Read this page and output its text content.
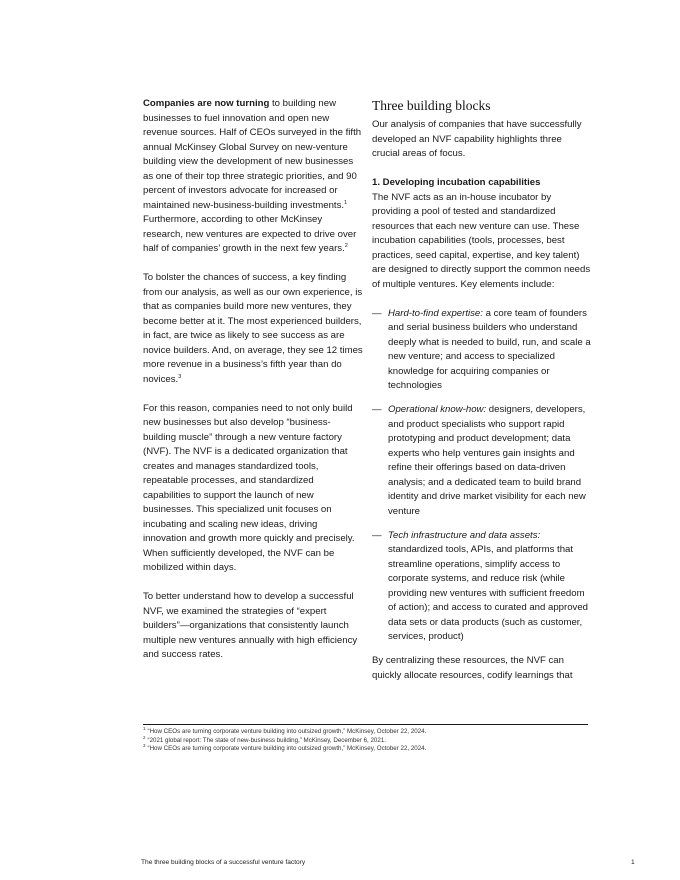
Companies are now turning to building new businesses to fuel innovation and open new revenue sources. Half of CEOs surveyed in the fifth annual McKinsey Global Survey on new-venture building view the development of new businesses as one of their top three strategic priorities, and 90 percent of investors advocate for increased or maintained new-business-building investments.$^1$ Furthermore, according to other McKinsey research, new ventures are expected to drive over half of companies’ growth in the next few years.$^2$

To bolster the chances of success, a key finding from our analysis, as well as our own experience, is that as companies build more new ventures, they become better at it. The most experienced builders, in fact, are twice as likely to see success as are novice builders. And, on average, they see 12 times more revenue in a business’s fifth year than do novices.$^3$

For this reason, companies need to not only build new businesses but also develop “business-building muscle” through a new venture factory (NVF). The NVF is a dedicated organization that creates and manages standardized tools, repeatable processes, and standardized capabilities to support the launch of new businesses. This specialized unit focuses on incubating and scaling new ideas, driving innovation and growth more quickly and precisely. When sufficiently developed, the NVF can be mobilized within days.

To better understand how to develop a successful NVF, we examined the strategies of “expert builders”—organizations that consistently launch multiple new ventures annually with high efficiency and success rates.

Three building blocks

Our analysis of companies that have successfully developed an NVF capability highlights three crucial areas of focus.

1. Developing incubation capabilities

The NVF acts as an in-house incubator by providing a pool of tested and standardized resources that each new venture can use. These incubation capabilities (tools, processes, best practices, seed capital, expertise, and key talent) are designed to directly support the common needs of multiple ventures. Key elements include:

— Hard-to-find expertise: a core team of founders and serial business builders who understand deeply what is needed to build, run, and scale a new venture; and access to specialized knowledge for acquiring companies or technologies
— Operational know-how: designers, developers, and product specialists who support rapid prototyping and product development; data experts who help ventures gain insights and refine their offerings based on data-driven analysis; and a dedicated team to build brand identity and drive market visibility for each new venture
— Tech infrastructure and data assets: standardized tools, APIs, and platforms that streamline operations, simplify access to corporate systems, and reduce risk (while providing new ventures with sufficient freedom of action); and access to curated and approved data sets or data products (such as customer, services, product)

By centralizing these resources, the NVF can quickly allocate resources, codify learnings that

$^1$ “How CEOs are turning corporate venture building into outsized growth,” McKinsey, October 22, 2024.
$^2$ “2021 global report: The state of new-business building,” McKinsey, December 6, 2021.
$^3$ “How CEOs are turning corporate venture building into outsized growth,” McKinsey, October 22, 2024.
The three building blocks of a successful venture factory	1
